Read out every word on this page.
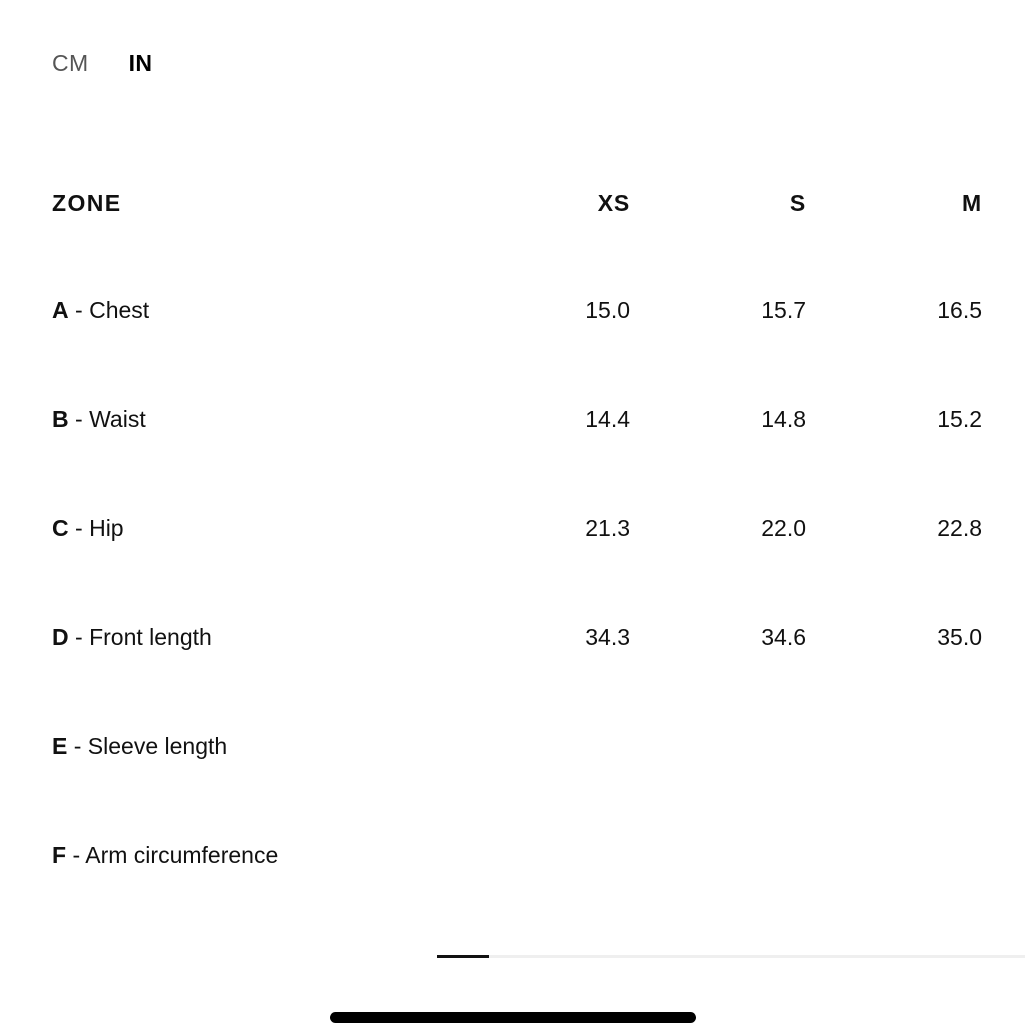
CM IN
ZONE	XS	S	M
A - Chest	15.0	15.7	16.5
B - Waist	14.4	14.8	15.2
C - Hip	21.3	22.0	22.8
D - Front length	34.3	34.6	35.0
E - Sleeve length
F - Arm circumference
